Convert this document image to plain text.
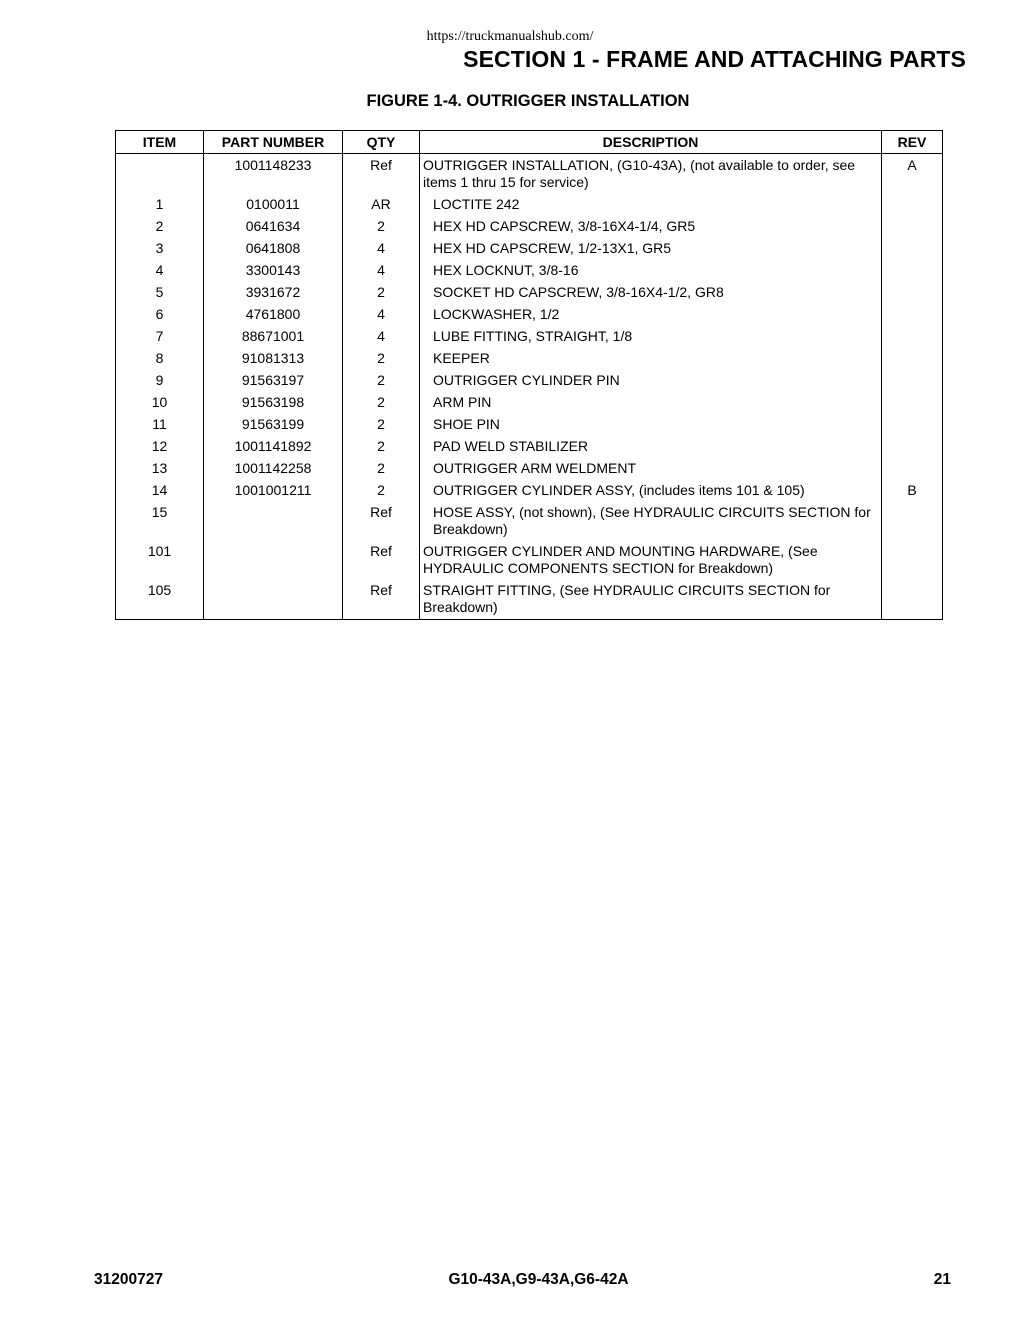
https://truckmanualshub.com/
SECTION 1 - FRAME AND ATTACHING PARTS
FIGURE 1-4. OUTRIGGER INSTALLATION
ITEM	PART NUMBER	QTY	DESCRIPTION	REV
	1001148233	Ref	OUTRIGGER INSTALLATION, (G10-43A), (not available to order, see items 1 thru 15 for service)	A
1	0100011	AR	LOCTITE 242	
2	0641634	2	HEX HD CAPSCREW, 3/8-16X4-1/4, GR5	
3	0641808	4	HEX HD CAPSCREW, 1/2-13X1, GR5	
4	3300143	4	HEX LOCKNUT, 3/8-16	
5	3931672	2	SOCKET HD CAPSCREW, 3/8-16X4-1/2, GR8	
6	4761800	4	LOCKWASHER, 1/2	
7	88671001	4	LUBE FITTING, STRAIGHT, 1/8	
8	91081313	2	KEEPER	
9	91563197	2	OUTRIGGER CYLINDER PIN	
10	91563198	2	ARM PIN	
11	91563199	2	SHOE PIN	
12	1001141892	2	PAD WELD STABILIZER	
13	1001142258	2	OUTRIGGER ARM WELDMENT	
14	1001001211	2	OUTRIGGER CYLINDER ASSY, (includes items 101 & 105)	B
15		Ref	HOSE ASSY, (not shown), (See HYDRAULIC CIRCUITS SECTION for Breakdown)	
101		Ref	OUTRIGGER CYLINDER AND MOUNTING HARDWARE, (See HYDRAULIC COMPONENTS SECTION for Breakdown)	
105		Ref	STRAIGHT FITTING, (See HYDRAULIC CIRCUITS SECTION for Breakdown)	
31200727	G10-43A,G9-43A,G6-42A	21
